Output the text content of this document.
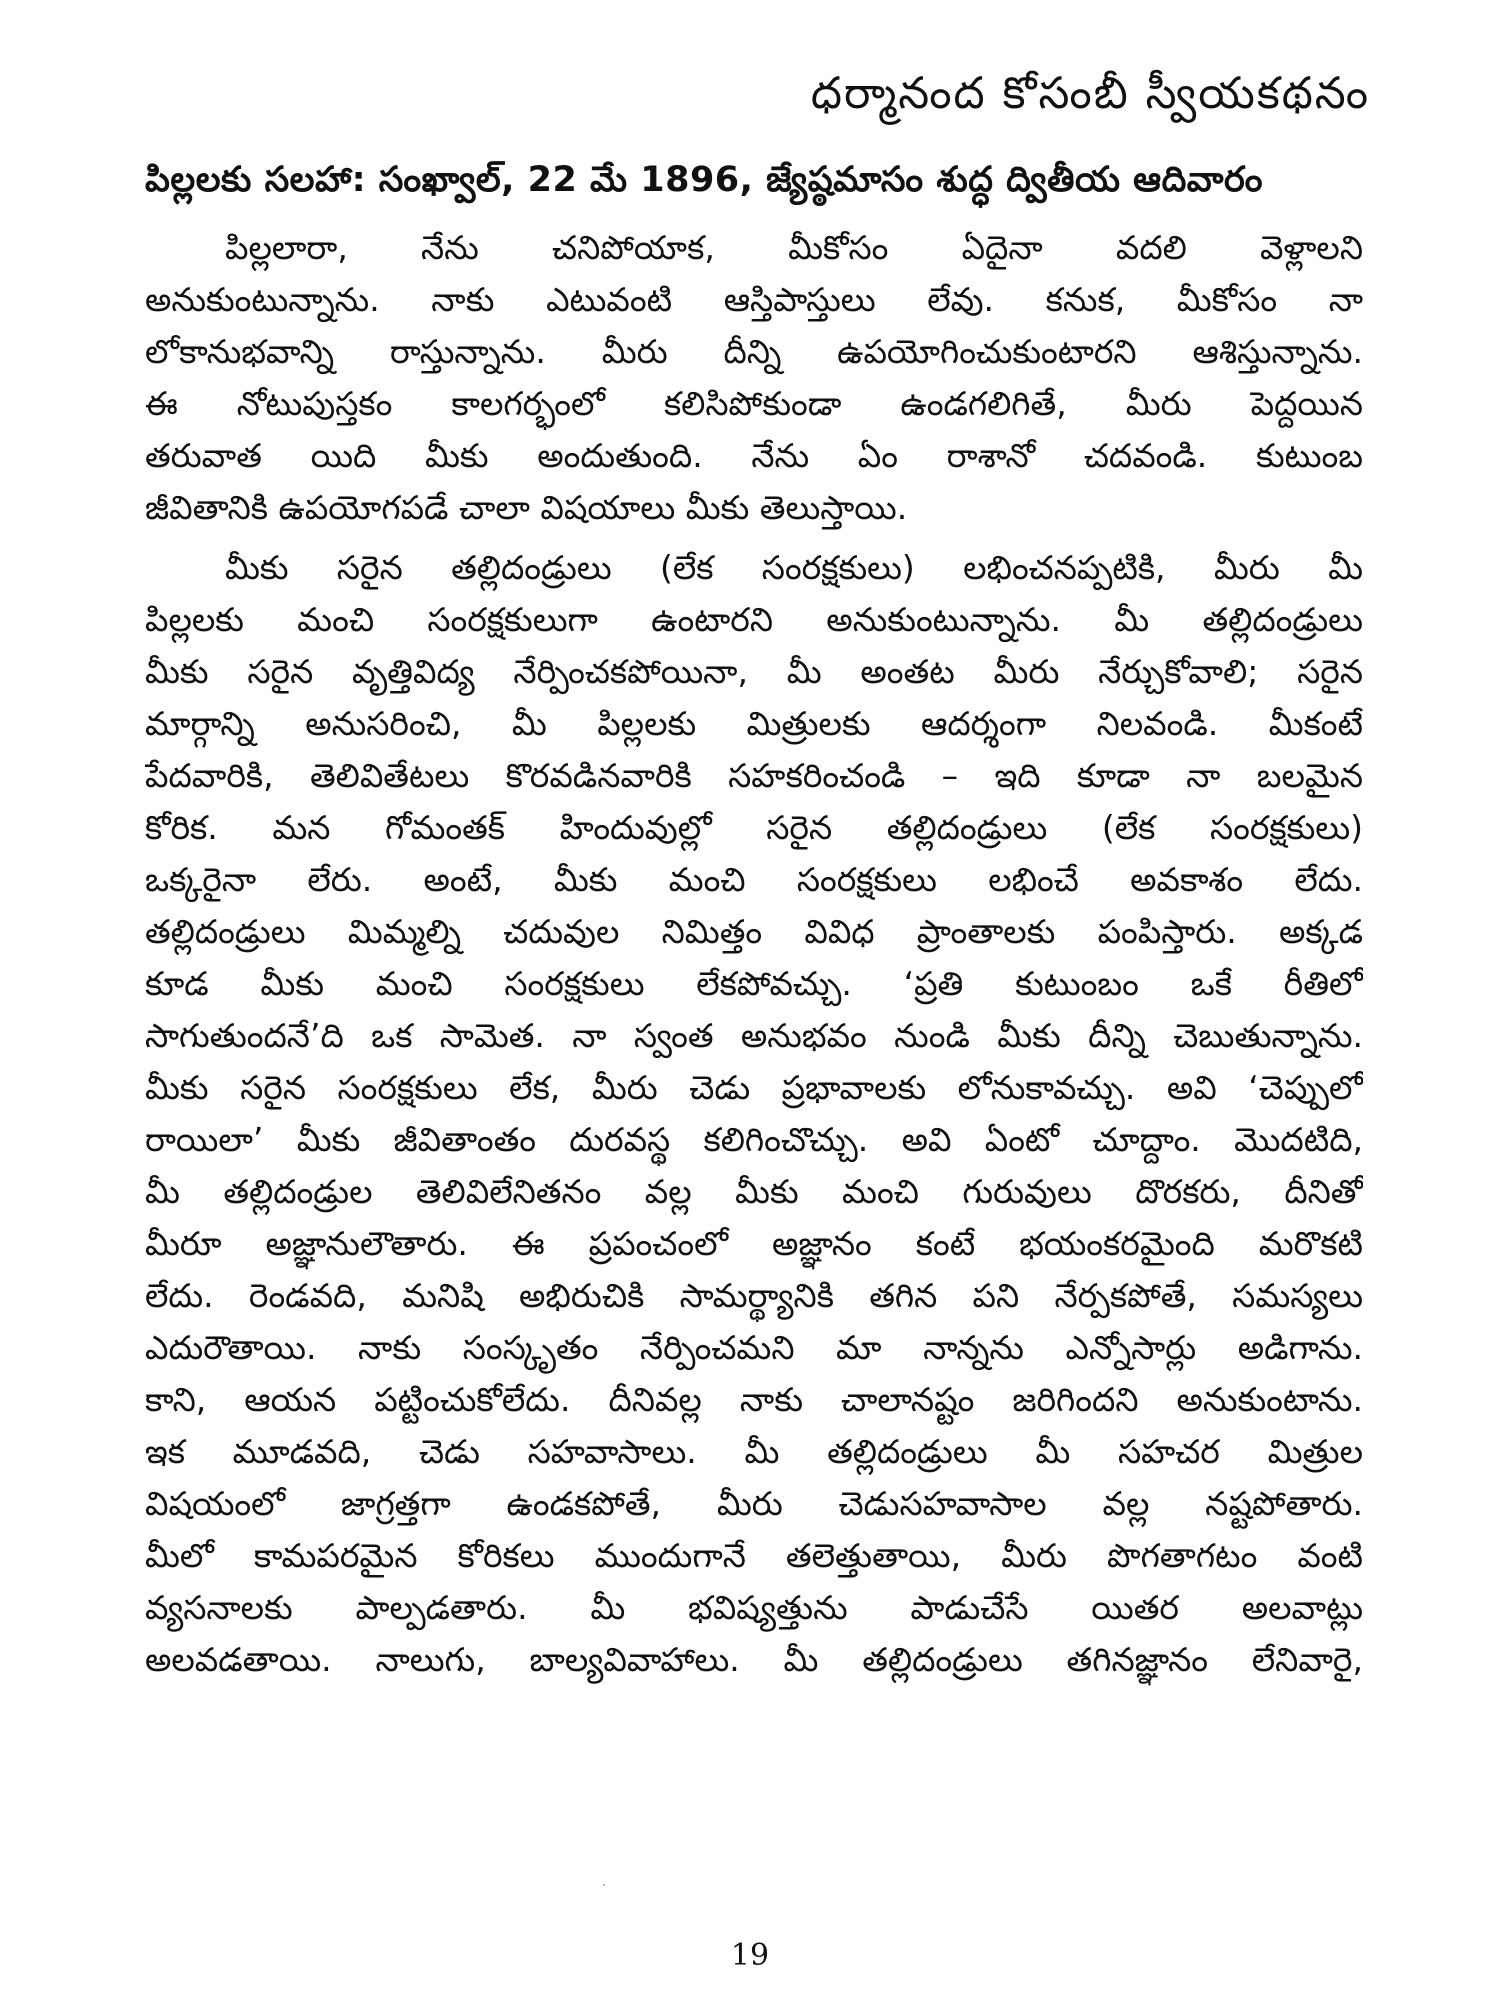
ధర్మానంద కోసంబీ స్వీయకథనం
పిల్లలకు సలహా: సంఖ్వాల్, 22 మే 1896, జ్యేష్ఠమాసం శుద్ధ ద్వితీయ ఆదివారం
పిల్లలారా, నేను చనిపోయాక, మీకోసం ఏదైనా వదలి వెళ్లాలని
అనుకుంటున్నాను. నాకు ఎటువంటి ఆస్తిపాస్తులు లేవు. కనుక, మీకోసం నా
లోకానుభవాన్ని రాస్తున్నాను. మీరు దీన్ని ఉపయోగించుకుంటారని ఆశిస్తున్నాను.
ఈ నోటుపుస్తకం కాలగర్భంలో కలిసిపోకుండా ఉండగలిగితే, మీరు పెద్దయిన
తరువాత యిది మీకు అందుతుంది. నేను ఏం రాశానో చదవండి. కుటుంబ
జీవితానికి ఉపయోగపడే చాలా విషయాలు మీకు తెలుస్తాయి.
మీకు సరైన తల్లిదండ్రులు (లేక సంరక్షకులు) లభించనప్పటికి, మీరు మీ
పిల్లలకు మంచి సంరక్షకులుగా ఉంటారని అనుకుంటున్నాను. మీ తల్లిదండ్రులు
మీకు సరైన వృత్తివిద్య నేర్పించకపోయినా, మీ అంతట మీరు నేర్చుకోవాలి; సరైన
మార్గాన్ని అనుసరించి, మీ పిల్లలకు మిత్రులకు ఆదర్శంగా నిలవండి. మీకంటే
పేదవారికి, తెలివితేటలు కొరవడినవారికి సహకరించండి – ఇది కూడా నా బలమైన
కోరిక. మన గోమంతక్ హిందువుల్లో సరైన తల్లిదండ్రులు (లేక సంరక్షకులు)
ఒక్కరైనా లేరు. అంటే, మీకు మంచి సంరక్షకులు లభించే అవకాశం లేదు.
తల్లిదండ్రులు మిమ్మల్ని చదువుల నిమిత్తం వివిధ ప్రాంతాలకు పంపిస్తారు. అక్కడ
కూడ మీకు మంచి సంరక్షకులు లేకపోవచ్చు. ‘ప్రతి కుటుంబం ఒకే రీతిలో
సాగుతుందనే’ది ఒక సామెత. నా స్వంత అనుభవం నుండి మీకు దీన్ని చెబుతున్నాను.
మీకు సరైన సంరక్షకులు లేక, మీరు చెడు ప్రభావాలకు లోనుకావచ్చు. అవి ‘చెప్పులో
రాయిలా’ మీకు జీవితాంతం దురవస్థ కలిగించొచ్చు. అవి ఏంటో చూద్దాం. మొదటిది,
మీ తల్లిదండ్రుల తెలివిలేనితనం వల్ల మీకు మంచి గురువులు దొరకరు, దీనితో
మీరూ అజ్ఞానులౌతారు. ఈ ప్రపంచంలో అజ్ఞానం కంటే భయంకరమైంది మరొకటి
లేదు. రెండవది, మనిషి అభిరుచికి సామర్థ్యానికి తగిన పని నేర్పకపోతే, సమస్యలు
ఎదురౌతాయి. నాకు సంస్కృతం నేర్పించమని మా నాన్నను ఎన్నోసార్లు అడిగాను.
కాని, ఆయన పట్టించుకోలేదు. దీనివల్ల నాకు చాలానష్టం జరిగిందని అనుకుంటాను.
ఇక మూడవది, చెడు సహవాసాలు. మీ తల్లిదండ్రులు మీ సహచర మిత్రుల
విషయంలో జాగ్రత్తగా ఉండకపోతే, మీరు చెడుసహవాసాల వల్ల నష్టపోతారు.
మీలో కామపరమైన కోరికలు ముందుగానే తలెత్తుతాయి, మీరు పొగతాగటం వంటి
వ్యసనాలకు పాల్పడతారు. మీ భవిష్యత్తును పాడుచేసే యితర అలవాట్లు
అలవడతాయి. నాలుగు, బాల్యవివాహాలు. మీ తల్లిదండ్రులు తగినజ్ఞానం లేనివారై,
19
